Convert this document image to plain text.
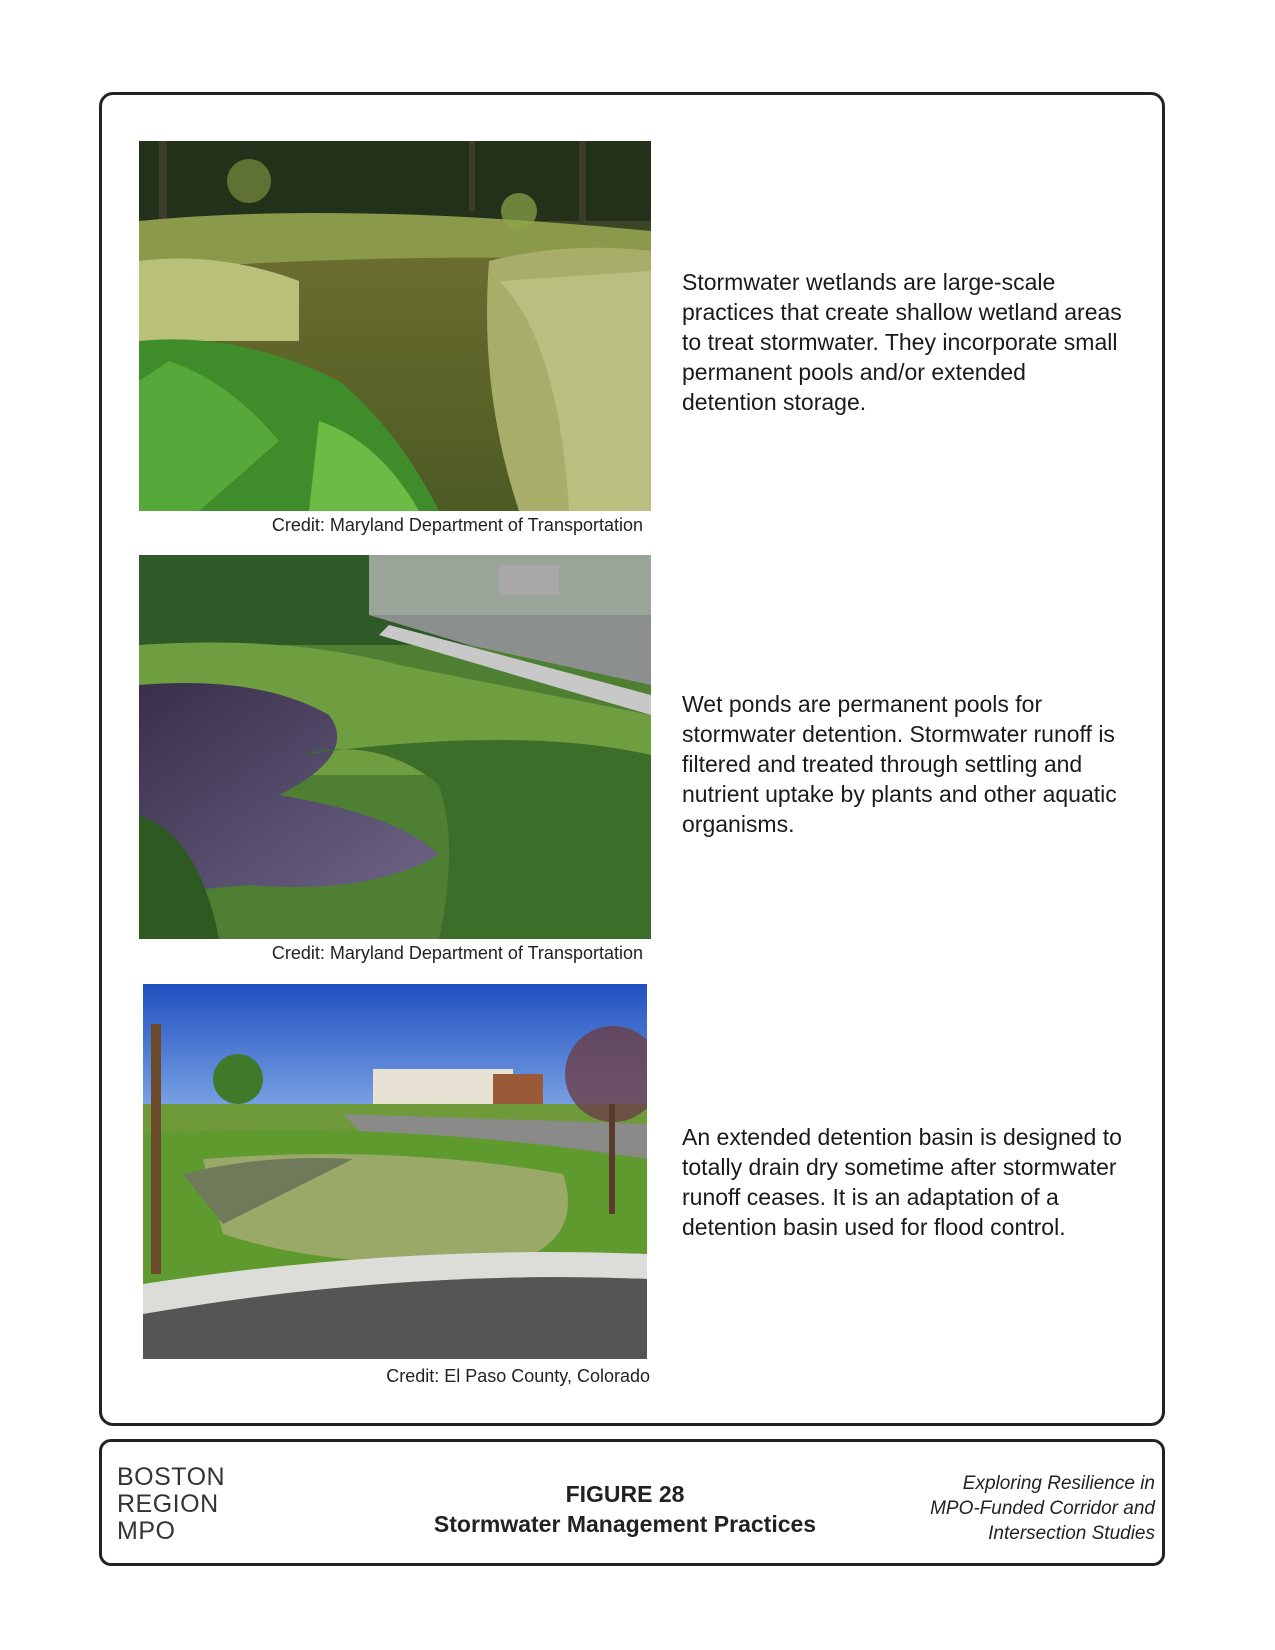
Credit: Maryland Department of Transportation
Stormwater wetlands are large-scale practices that create shallow wetland areas to treat stormwater. They incorporate small permanent pools and/or extended detention storage.
Credit: Maryland Department of Transportation
Wet ponds are permanent pools for stormwater detention. Stormwater runoff is filtered and treated through settling and nutrient uptake by plants and other aquatic organisms.
Credit: El Paso County, Colorado
An extended detention basin is designed to totally drain dry sometime after stormwater runoff ceases. It is an adaptation of a detention basin used for flood control.
BOSTON
REGION
MPO
FIGURE 28
Stormwater Management Practices
Exploring Resilience in
MPO-Funded Corridor and
Intersection Studies
